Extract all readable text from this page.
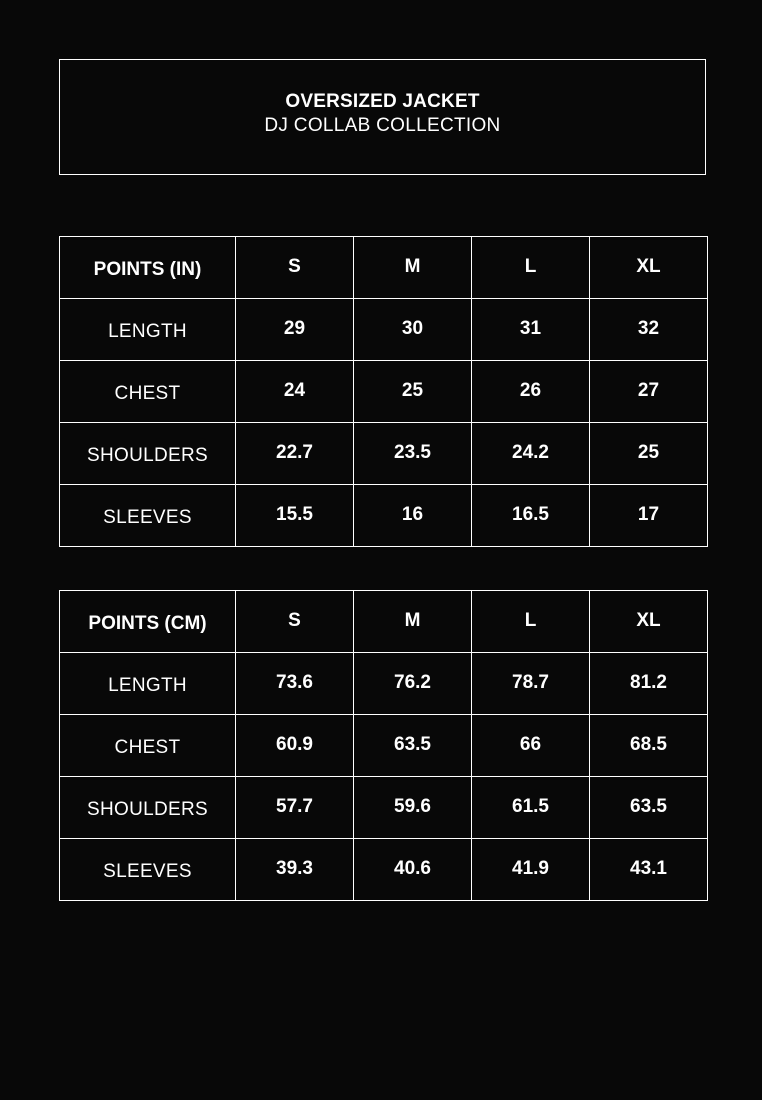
OVERSIZED JACKET
DJ COLLAB COLLECTION
POINTS (IN)	S	M	L	XL
LENGTH	29	30	31	32
CHEST	24	25	26	27
SHOULDERS	22.7	23.5	24.2	25
SLEEVES	15.5	16	16.5	17
POINTS (CM)	S	M	L	XL
LENGTH	73.6	76.2	78.7	81.2
CHEST	60.9	63.5	66	68.5
SHOULDERS	57.7	59.6	61.5	63.5
SLEEVES	39.3	40.6	41.9	43.1
